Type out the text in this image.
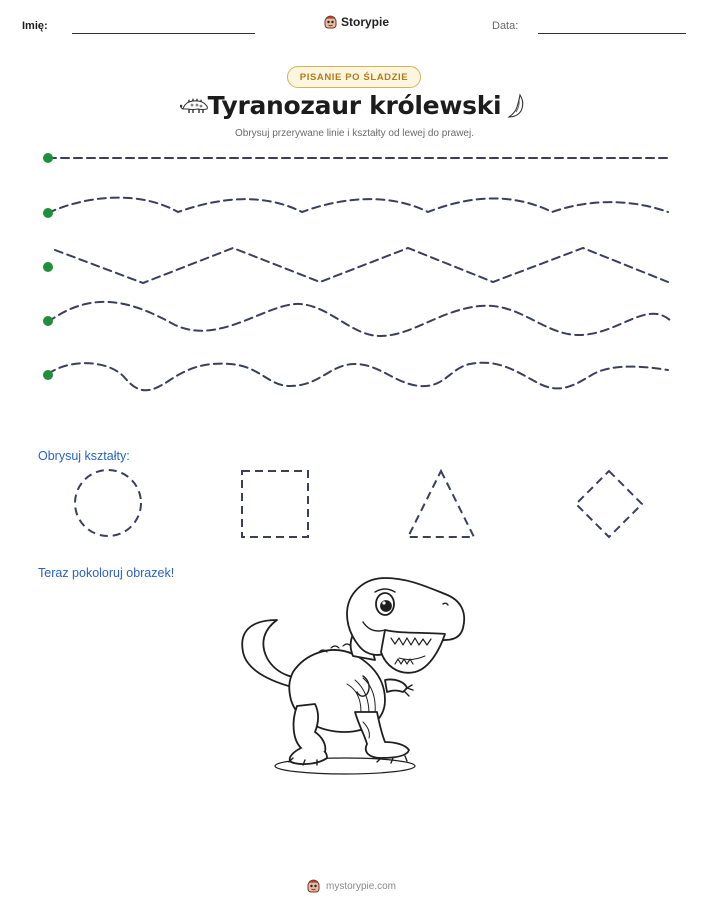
Imię:	Storypie	Data:
PISANIE PO ŚLADZIE
Tyranozaur królewski
Obrysuj przerywane linie i kształty od lewej do prawej.
Obrysuj kształty:
Teraz pokoloruj obrazek!
mystorypie.com
